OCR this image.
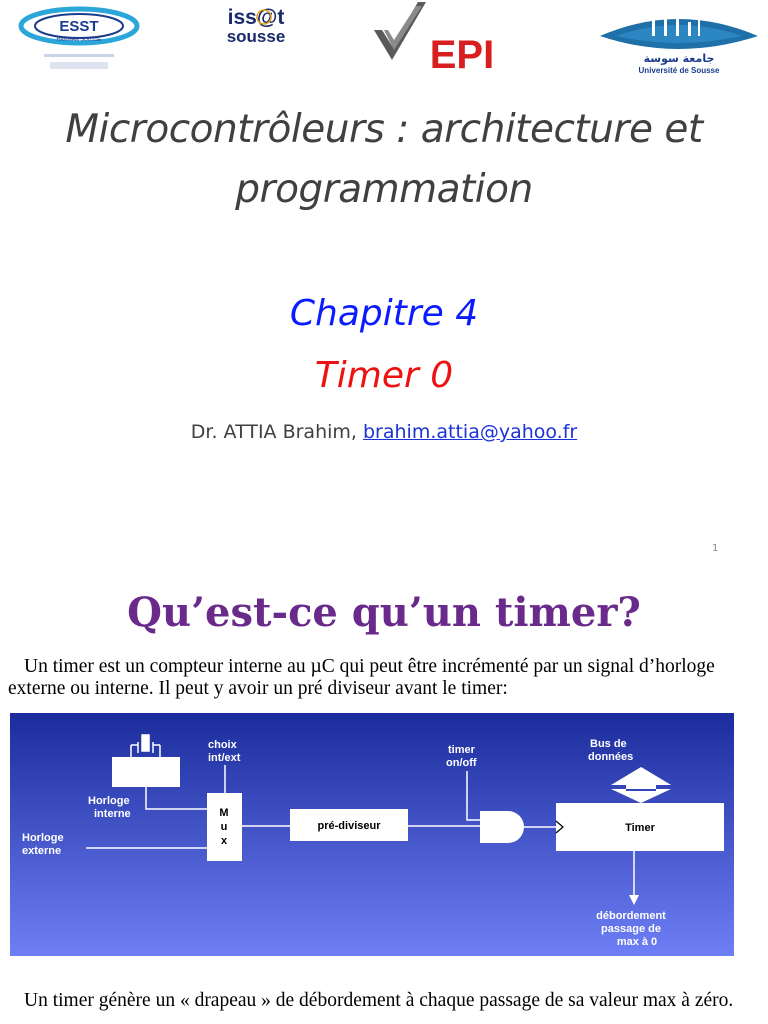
ESST
HAMMAM SOUSSE
iss@t
sousse	EPI	جامعة سوسة
Université de Sousse
Microcontrôleurs : architecture et
programmation
Chapitre 4
Timer 0
Dr. ATTIA Brahim, brahim.attia@yahoo.fr
1
Qu’est-ce qu’un timer?
Un timer est un compteur interne au µC qui peut être incrémenté par un signal d’horloge externe ou interne. Il peut y avoir un pré diviseur avant le timer:
choix
int/ext
Horloge
interne
Horloge
externe
M
u
x
pré-diviseur
timer
on/off
Timer
Bus de
données
débordement
passage de
max à 0
Un timer génère un « drapeau » de débordement à chaque passage de sa valeur max à zéro.
